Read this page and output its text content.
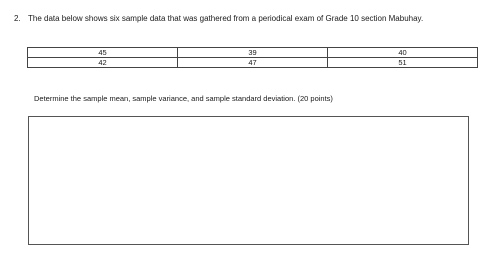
2. The data below shows six sample data that was gathered from a periodical exam of Grade 10 section Mabuhay.
45	39	40
42	47	51
Determine the sample mean, sample variance, and sample standard deviation. (20 points)
